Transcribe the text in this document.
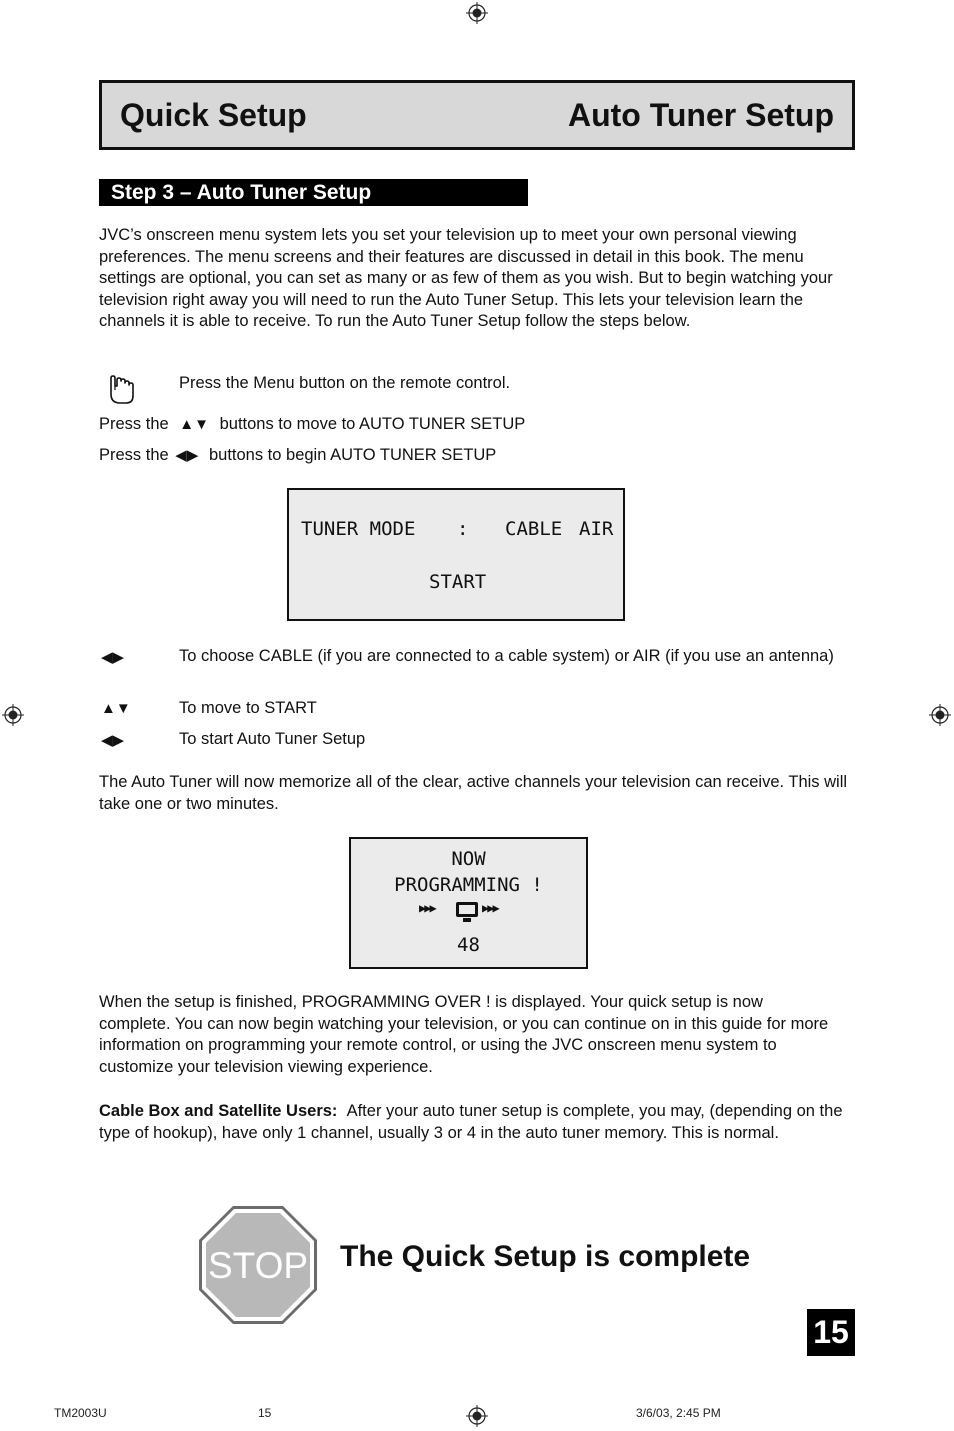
Quick Setup	Auto Tuner Setup
Step 3 – Auto Tuner Setup
JVC’s onscreen menu system lets you set your television up to meet your own personal viewing preferences. The menu screens and their features are discussed in detail in this book. The menu settings are optional, you can set as many or as few of them as you wish. But to begin watching your television right away you will need to run the Auto Tuner Setup. This lets your television learn the channels it is able to receive. To run the Auto Tuner Setup follow the steps below.
Press the Menu button on the remote control.
Press the ▲▼ buttons to move to AUTO TUNER SETUP
Press the ◀▶ buttons to begin AUTO TUNER SETUP
TUNER MODE : CABLE AIR
START
◀▶	To choose CABLE (if you are connected to a cable system) or AIR (if you use an antenna)
▲▼	To move to START
◀▶	To start Auto Tuner Setup
The Auto Tuner will now memorize all of the clear, active channels your television can receive. This will take one or two minutes.
NOW
PROGRAMMING !
▶▶▶	▶▶▶
48
When the setup is finished, PROGRAMMING OVER ! is displayed. Your quick setup is now complete. You can now begin watching your television, or you can continue on in this guide for more information on programming your remote control, or using the JVC onscreen menu system to customize your television viewing experience.
Cable Box and Satellite Users: After your auto tuner setup is complete, you may, (depending on the type of hookup), have only 1 channel, usually 3 or 4 in the auto tuner memory. This is normal.
STOP The Quick Setup is complete
15
TM2003U	15	3/6/03, 2:45 PM
